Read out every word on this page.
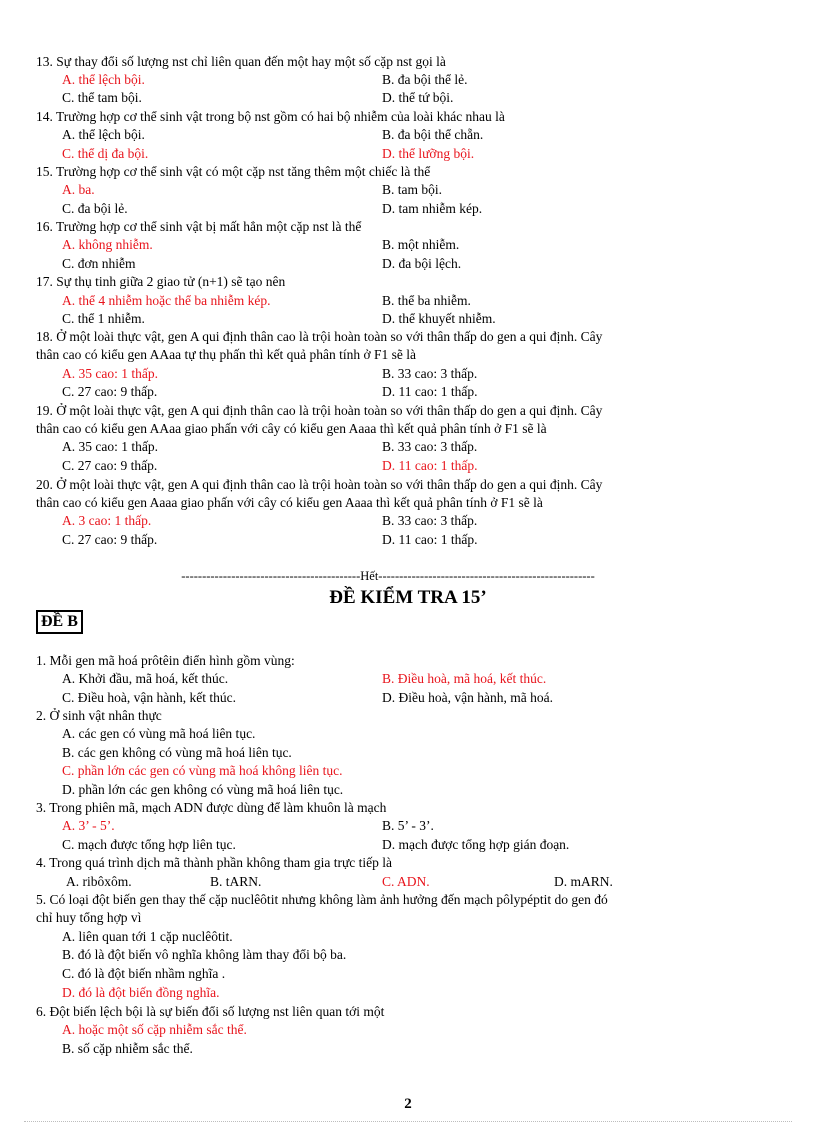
-------------------------------------------Hết----------------------------------------------------
ĐỀ KIỂM TRA 15’
ĐỀ B
2
13. Sự thay đổi số lượng nst chỉ liên quan đến một hay một số cặp nst gọi là
A. thể lệch bội.	B. đa bội thể lẻ.
C. thể tam bội.	D. thể tứ bội.
14. Trường hợp cơ thể sinh vật trong bộ nst gồm có hai bộ nhiễm của loài khác nhau là
A. thể lệch bội.	B. đa bội thể chẵn.
C. thể dị đa bội.	D. thể lưỡng bội.
15. Trường hợp cơ thể sinh vật có một cặp nst tăng thêm một chiếc là thể
A. ba.	B. tam bội.
C. đa bội lẻ.	D. tam nhiễm kép.
16. Trường hợp cơ thể sinh vật bị mất hẳn một cặp nst là thể
A. không nhiễm.	B. một nhiễm.
C. đơn nhiễm	D. đa bội lệch.
17. Sự thụ tinh giữa 2 giao tử (n+1) sẽ tạo nên
A. thể 4 nhiễm hoặc thể ba nhiễm kép.	B. thể ba nhiễm.
C. thể 1 nhiễm.	D. thể khuyết nhiễm.
18. Ở một loài thực vật, gen A qui định thân cao là trội hoàn toàn so với thân thấp do gen a qui định. Cây
thân cao có kiểu gen AAaa tự thụ phấn thì kết quả phân tính ở F1 sẽ là
A. 35 cao: 1 thấp.	B. 33 cao: 3 thấp.
C. 27 cao: 9 thấp.	D. 11 cao: 1 thấp.
19. Ở một loài thực vật, gen A qui định thân cao là trội hoàn toàn so với thân thấp do gen a qui định. Cây
thân cao có kiểu gen AAaa giao phấn với cây có kiểu gen Aaaa thì kết quả phân tính ở F1 sẽ là
A. 35 cao: 1 thấp.	B. 33 cao: 3 thấp.
C. 27 cao: 9 thấp.	D. 11 cao: 1 thấp.
20. Ở một loài thực vật, gen A qui định thân cao là trội hoàn toàn so với thân thấp do gen a qui định. Cây
thân cao có kiểu gen Aaaa giao phấn với cây có kiểu gen Aaaa thì kết quả phân tính ở F1 sẽ là
A. 3 cao: 1 thấp.	B. 33 cao: 3 thấp.
C. 27 cao: 9 thấp.	D. 11 cao: 1 thấp.
1. Mỗi gen mã hoá prôtêin điển hình gồm vùng:
A. Khởi đầu, mã hoá, kết thúc.	B. Điều hoà, mã hoá, kết thúc.
C. Điều hoà, vận hành, kết thúc.	D. Điều hoà, vận hành, mã hoá.
2. Ở sinh vật nhân thực
A. các gen có vùng mã hoá liên tục.
B. các gen không có vùng mã hoá liên tục.
C. phần lớn các gen có vùng mã hoá không liên tục.
D. phần lớn các gen không có vùng mã hoá liên tục.
3. Trong phiên mã, mạch ADN được dùng để làm khuôn là mạch
A. 3’ - 5’.	B. 5’ - 3’.
C. mạch được tổng hợp liên tục.	D. mạch được tổng hợp gián đoạn.
4. Trong quá trình dịch mã thành phần không tham gia trực tiếp là
A. ribôxôm.	B. tARN.	C. ADN.	D. mARN.
5. Có loại đột biến gen thay thế cặp nuclêôtit nhưng không làm ảnh hưởng đến mạch pôlypéptit do gen đó
chỉ huy tổng hợp vì
A. liên quan tới 1 cặp nuclêôtit.
B. đó là đột biến vô nghĩa không làm thay đổi bộ ba.
C. đó là đột biến nhầm nghĩa .
D. đó là đột biến đồng nghĩa.
6. Đột biến lệch bội là sự biến đổi số lượng nst liên quan tới một
A. hoặc một số cặp nhiễm sắc thể.
B. số cặp nhiễm sắc thể.
